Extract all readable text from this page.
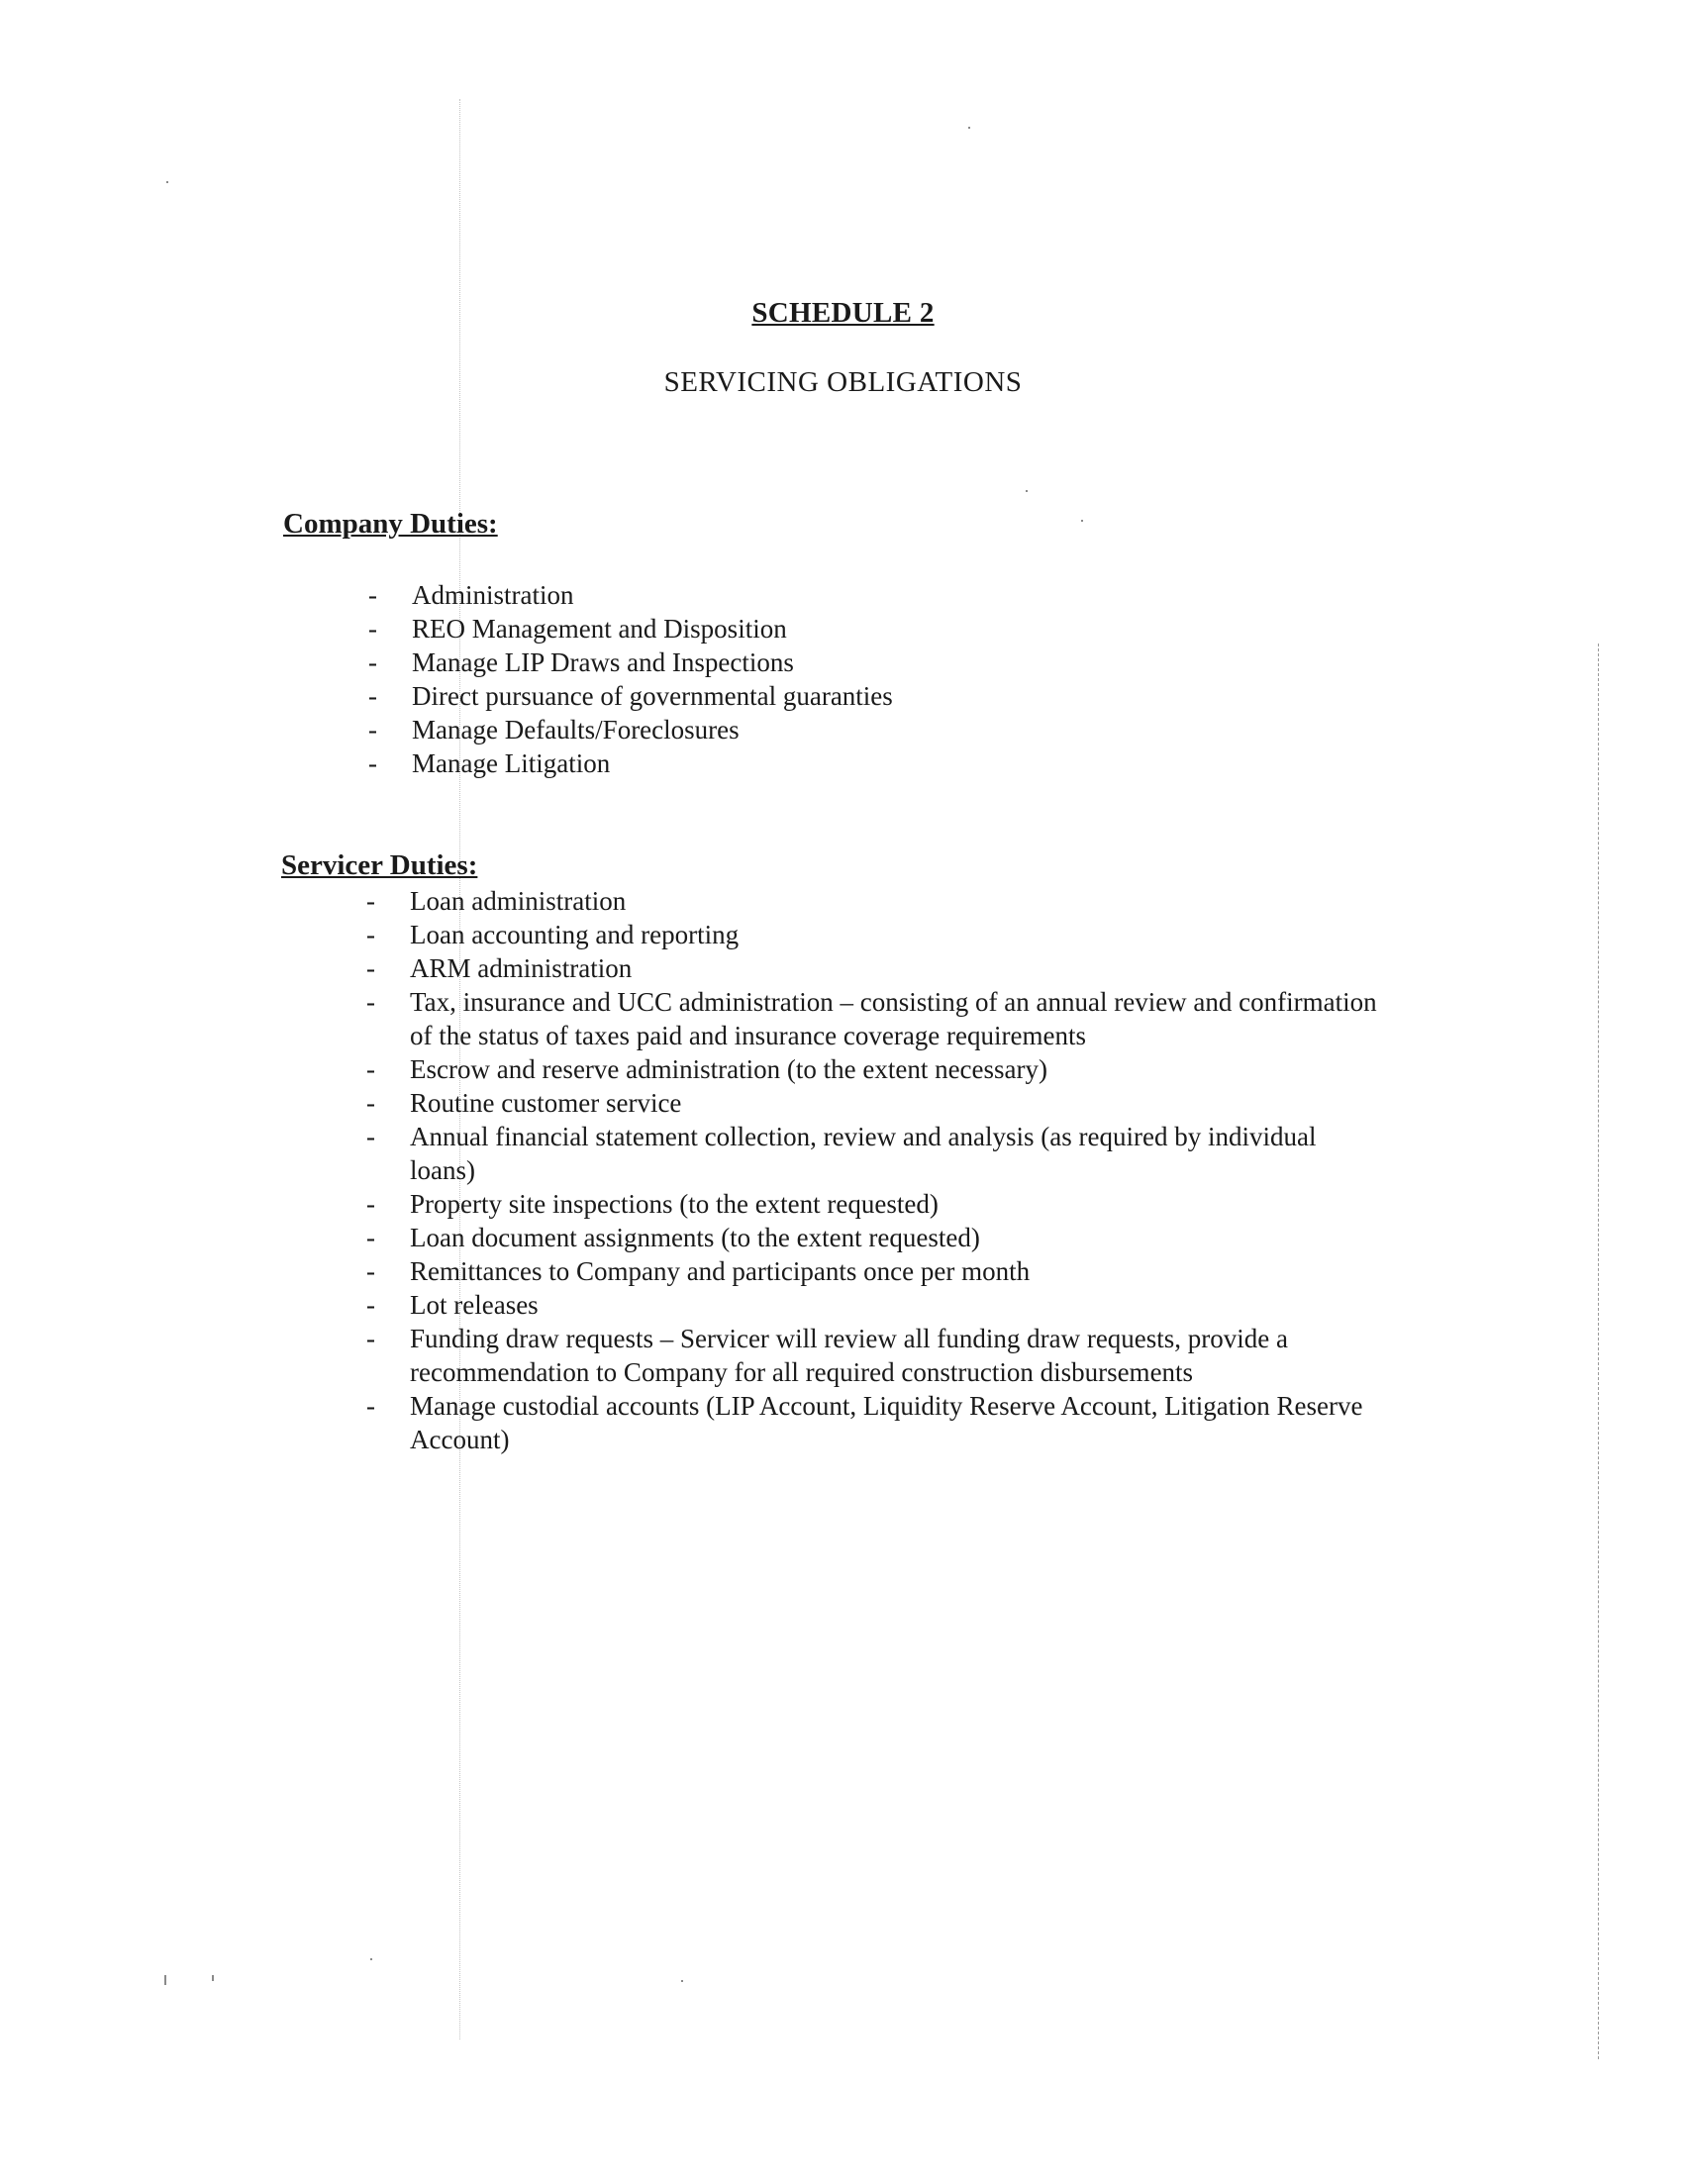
SCHEDULE 2
SERVICING OBLIGATIONS
Company Duties:
- Administration
- REO Management and Disposition
- Manage LIP Draws and Inspections
- Direct pursuance of governmental guaranties
- Manage Defaults/Foreclosures
- Manage Litigation
Servicer Duties:
- Loan administration
- Loan accounting and reporting
- ARM administration
- Tax, insurance and UCC administration – consisting of an annual review and confirmation of the status of taxes paid and insurance coverage requirements
- Escrow and reserve administration (to the extent necessary)
- Routine customer service
- Annual financial statement collection, review and analysis (as required by individual loans)
- Property site inspections (to the extent requested)
- Loan document assignments (to the extent requested)
- Remittances to Company and participants once per month
- Lot releases
- Funding draw requests – Servicer will review all funding draw requests, provide a recommendation to Company for all required construction disbursements
- Manage custodial accounts (LIP Account, Liquidity Reserve Account, Litigation Reserve Account)
